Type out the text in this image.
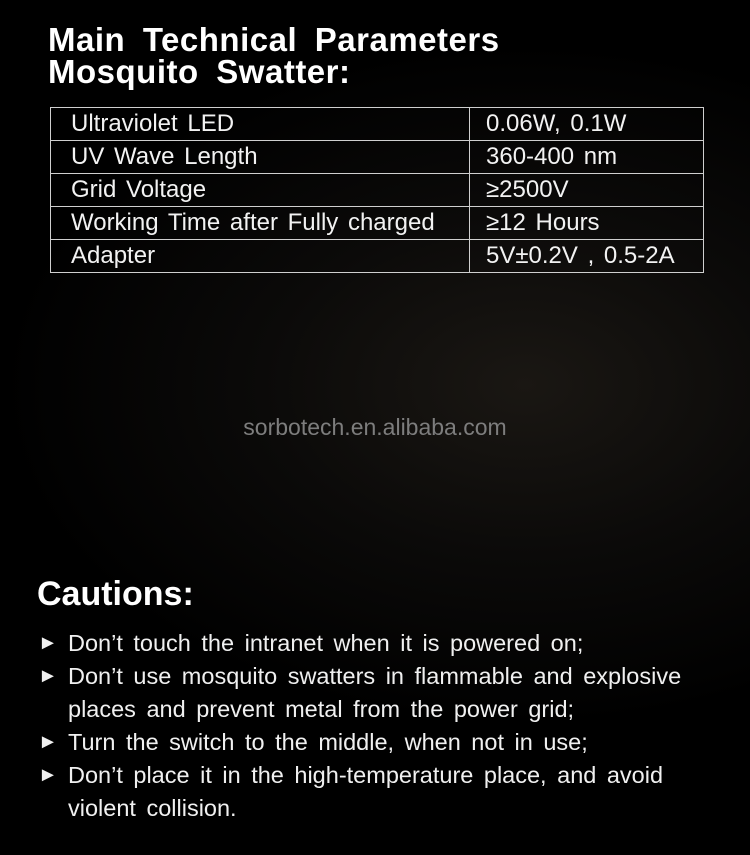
Main Technical Parameters
Mosquito Swatter:
Ultraviolet LED	0.06W, 0.1W
UV Wave Length	360-400 nm
Grid Voltage	≥2500V
Working Time after Fully charged	≥12 Hours
Adapter	5V±0.2V , 0.5-2A
sorbotech.en.alibaba.com
Cautions:
► Don’t touch the intranet when it is powered on;
► Don’t use mosquito swatters in flammable and explosive places and prevent metal from the power grid;
► Turn the switch to the middle, when not in use;
► Don’t place it in the high-temperature place, and avoid violent collision.
